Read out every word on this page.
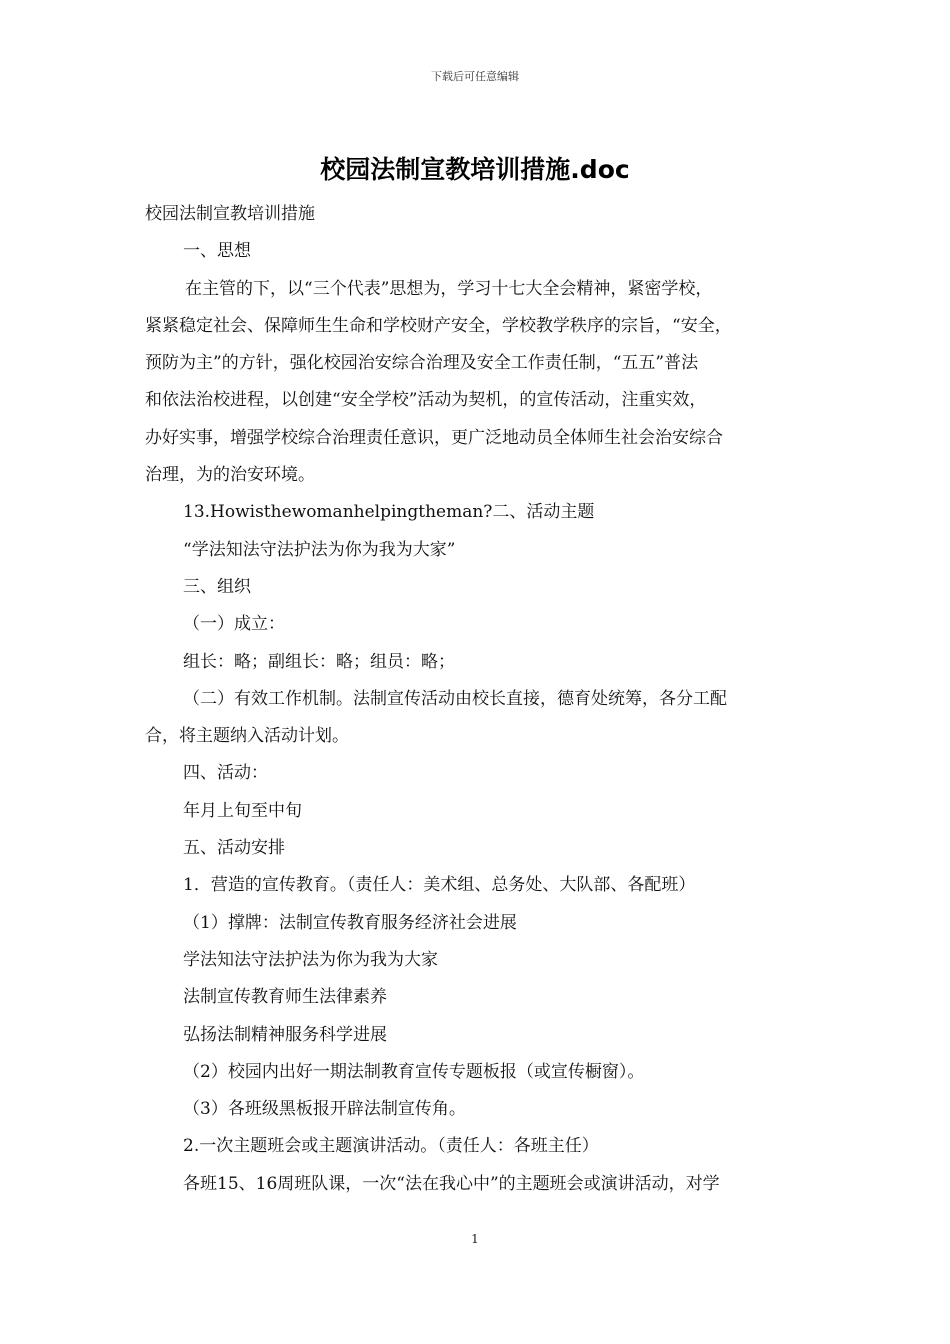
下载后可任意编辑
校园法制宣教培训措施.doc
校园法制宣教培训措施
一、思想
在主管的下，以“三个代表”思想为，学习十七大全会精神，紧密学校，
紧紧稳定社会、保障师生生命和学校财产安全，学校教学秩序的宗旨，“安全，
预防为主”的方针，强化校园治安综合治理及安全工作责任制，“五五”普法
和依法治校进程，以创建“安全学校”活动为契机，的宣传活动，注重实效，
办好实事，增强学校综合治理责任意识，更广泛地动员全体师生社会治安综合
治理，为的治安环境。
13.Howisthewomanhelpingtheman?二、活动主题
“学法知法守法护法为你为我为大家”
三、组织
（一）成立：
组长：略；副组长：略；组员：略；
（二）有效工作机制。法制宣传活动由校长直接，德育处统筹，各分工配
合，将主题纳入活动计划。
四、活动：
年月上旬至中旬
五、活动安排
1．营造的宣传教育。（责任人：美术组、总务处、大队部、各配班）
（1）撑牌：法制宣传教育服务经济社会进展
学法知法守法护法为你为我为大家
法制宣传教育师生法律素养
弘扬法制精神服务科学进展
（2）校园内出好一期法制教育宣传专题板报（或宣传橱窗）。
（3）各班级黑板报开辟法制宣传角。
2.一次主题班会或主题演讲活动。（责任人：各班主任）
各班15、16周班队课，一次“法在我心中”的主题班会或演讲活动，对学
1
